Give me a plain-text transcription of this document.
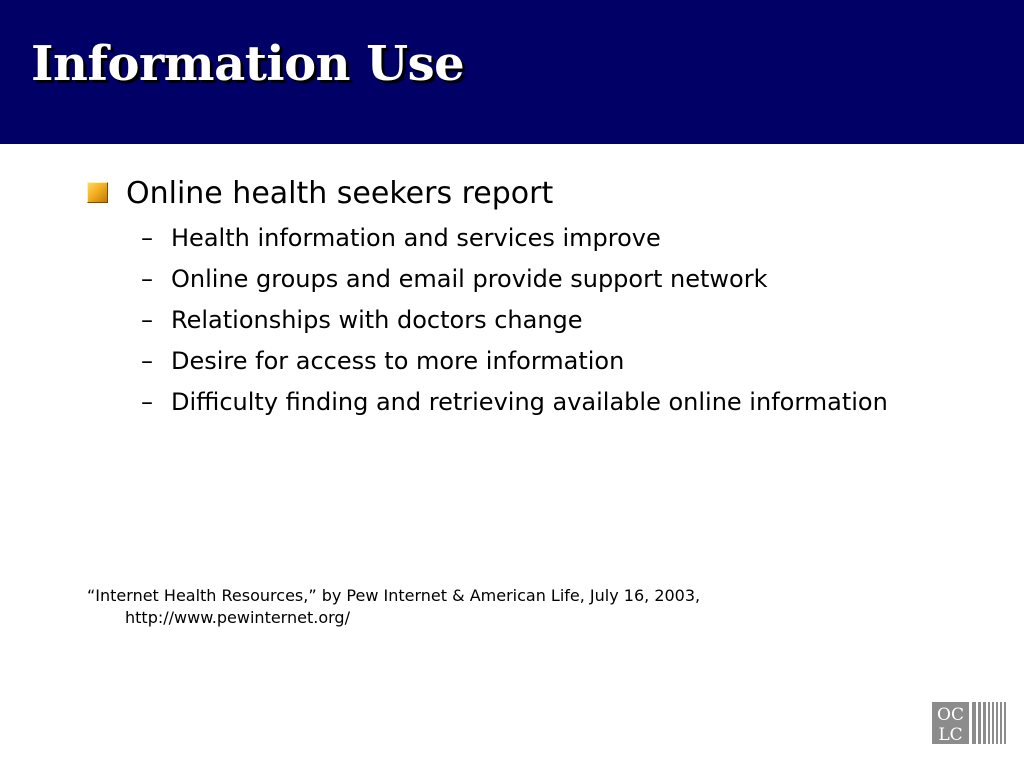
Information Use
Online health seekers report
– Health information and services improve
– Online groups and email provide support network
– Relationships with doctors change
– Desire for access to more information
– Difficulty finding and retrieving available online information

“Internet Health Resources,” by Pew Internet & American Life, July 16, 2003,
http://www.pewinternet.org/

OC
LC
